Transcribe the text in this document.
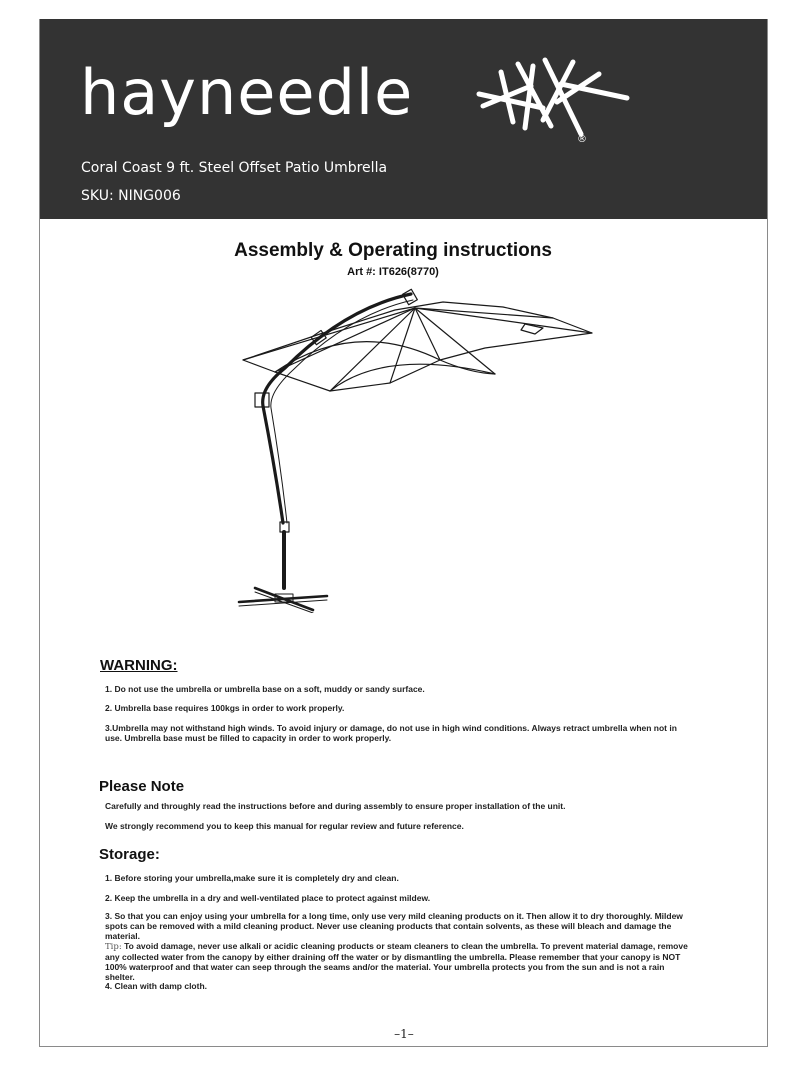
hayneedle
®
Coral Coast 9 ft. Steel Offset Patio Umbrella
SKU: NING006
Assembly & Operating instructions
Art #: IT626(8770)
WARNING:

1. Do not use the umbrella or umbrella base on a soft, muddy or sandy surface.

2. Umbrella base requires 100kgs in order to work properly.

3.Umbrella may not withstand high winds. To avoid injury or damage, do not use in high wind conditions. Always retract umbrella when not in use. Umbrella base must be filled to capacity in order to work properly.

Please Note

Carefully and throughly read the instructions before and during assembly to ensure proper installation of the unit.

We strongly recommend you to keep this manual for regular review and future reference.

Storage:

1. Before storing your umbrella,make sure it is completely dry and clean.

2. Keep the umbrella in a dry and well-ventilated place to protect against mildew.

3. So that you can enjoy using your umbrella for a long time, only use very mild cleaning products on it. Then allow it to dry thoroughly. Mildew spots can be removed with a mild cleaning product. Never use cleaning products that contain solvents, as these will bleach and damage the material.

Tip: To avoid damage, never use alkali or acidic cleaning products or steam cleaners to clean the umbrella. To prevent material damage, remove any collected water from the canopy by either draining off the water or by dismantling the umbrella. Please remember that your canopy is NOT 100% waterproof and that water can seep through the seams and/or the material. Your umbrella protects you from the sun and is not a rain shelter.

4. Clean with damp cloth.

–1–
